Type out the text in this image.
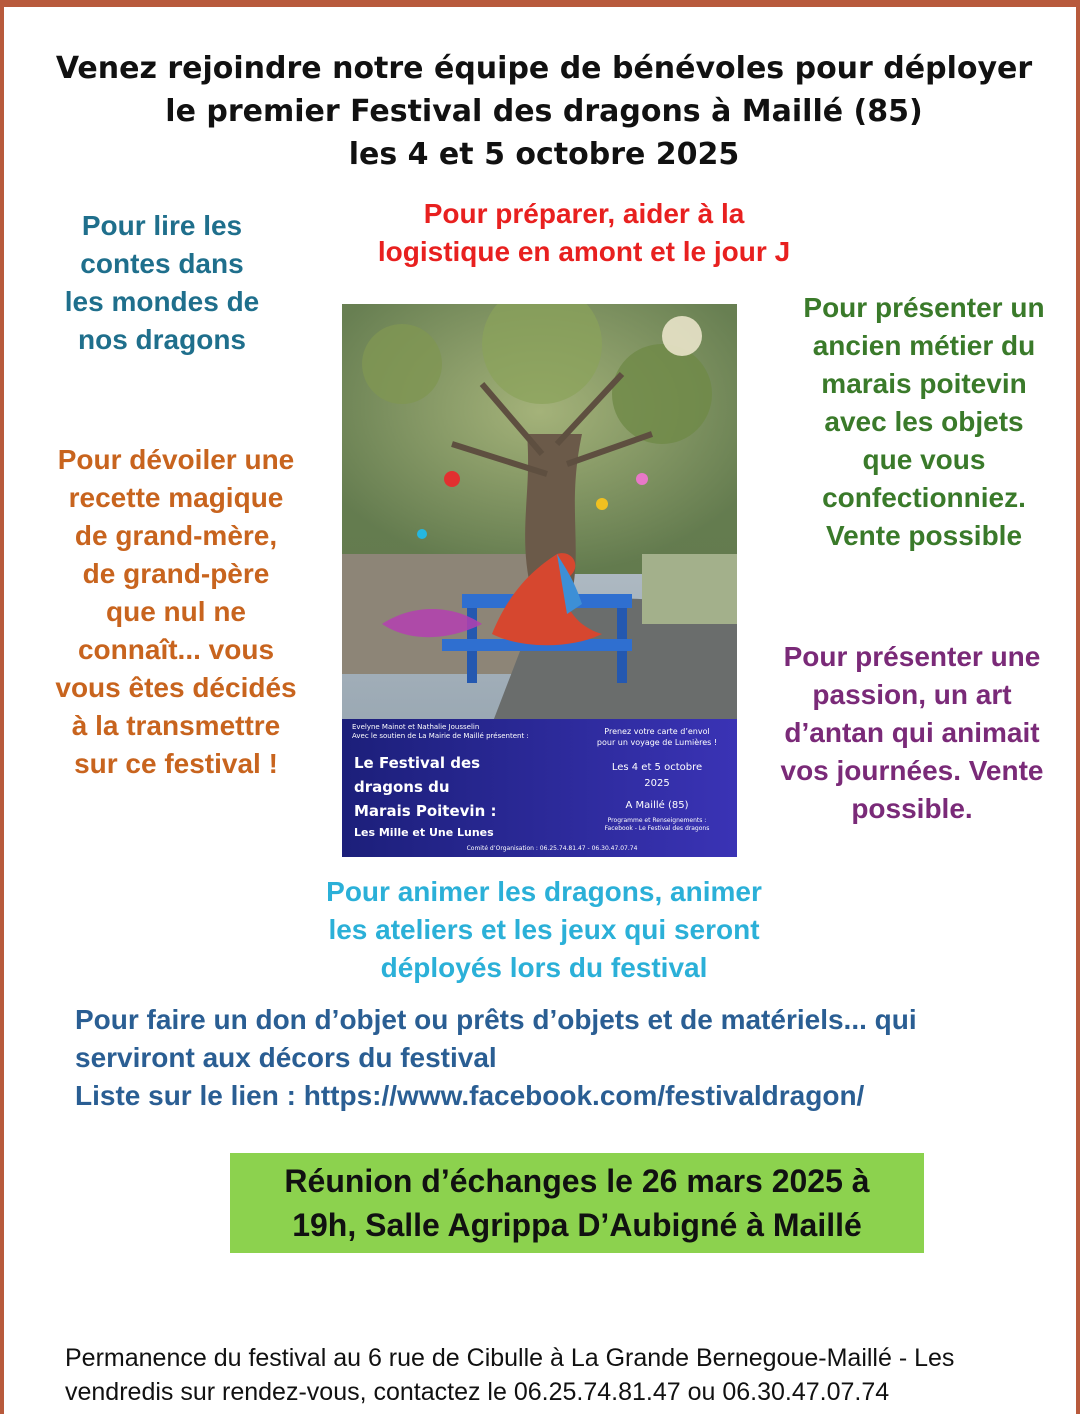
Venez rejoindre notre équipe de bénévoles pour déployer
le premier Festival des dragons à Maillé (85)
les 4 et 5 octobre 2025
Pour lire les
contes dans
les mondes de
nos dragons
Pour préparer, aider à la
logistique en amont et le jour J
Pour présenter un
ancien métier du
marais poitevin
avec les objets
que vous
confectionniez.
Vente possible
Pour dévoiler une
recette magique
de grand-mère,
de grand-père
que nul ne
connaît... vous
vous êtes décidés
à la transmettre
sur ce festival !
Pour présenter une
passion, un art
d’antan qui animait
vos journées. Vente
possible.
Evelyne Mainot et Nathalie Jousselin
Avec le soutien de La Mairie de Maillé présentent :
Le Festival des
dragons du
Marais Poitevin :
Les Mille et Une Lunes
Prenez votre carte d’envol
pour un voyage de Lumières !
Les 4 et 5 octobre
2025
A Maillé (85)
Programme et Renseignements :
Facebook - Le Festival des dragons
Comité d’Organisation : 06.25.74.81.47 - 06.30.47.07.74
Pour animer les dragons, animer
les ateliers et les jeux qui seront
déployés lors du festival
Pour faire un don d’objet ou prêts d’objets et de matériels... qui
serviront aux décors du festival
Liste sur le lien : https://www.facebook.com/festivaldragon/
Réunion d’échanges le 26 mars 2025 à
19h, Salle Agrippa D’Aubigné à Maillé
Permanence du festival au 6 rue de Cibulle à La Grande Bernegoue-Maillé - Les
vendredis sur rendez-vous, contactez le 06.25.74.81.47 ou 06.30.47.07.74
